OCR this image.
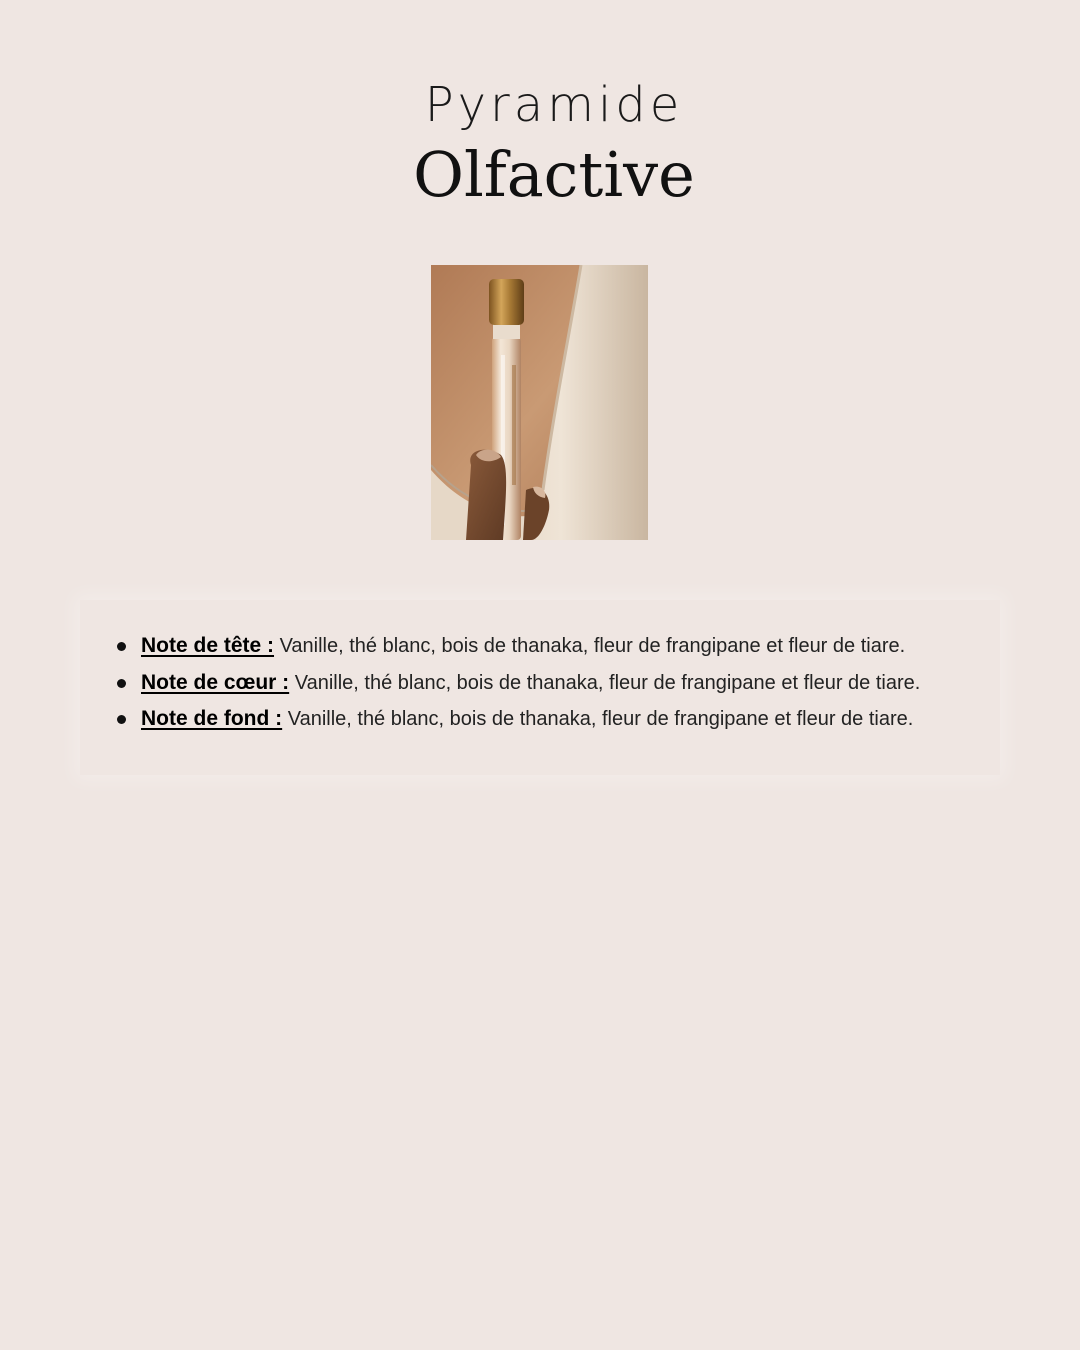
Pyramide
Olfactive
Note de tête : Vanille, thé blanc, bois de thanaka, fleur de frangipane et fleur de tiare.
Note de cœur : Vanille, thé blanc, bois de thanaka, fleur de frangipane et fleur de tiare.
Note de fond : Vanille, thé blanc, bois de thanaka, fleur de frangipane et fleur de tiare.
